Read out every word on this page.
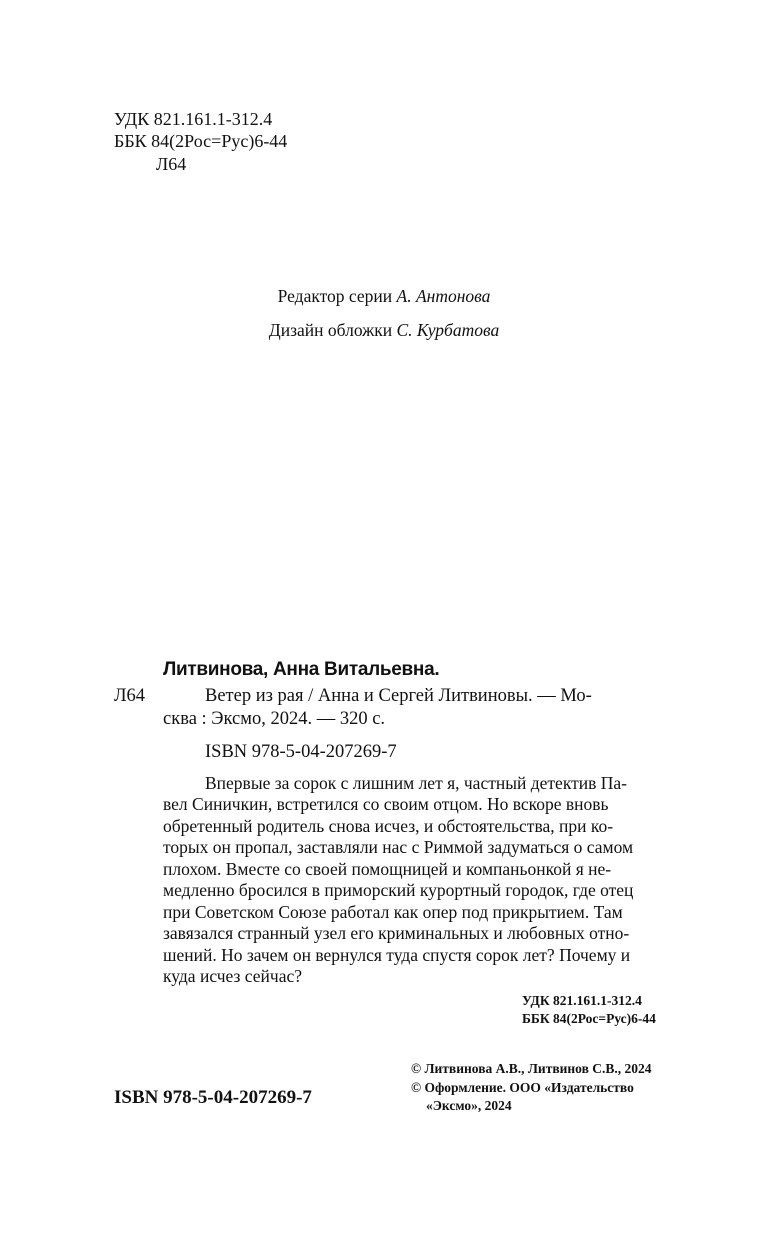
УДК 821.161.1-312.4
ББК 84(2Рос=Рус)6-44
Л64
Редактор серии А. Антонова
Дизайн обложки С. Курбатова
Литвинова, Анна Витальевна.
Л64	Ветер из рая / Анна и Сергей Литвиновы. — Мо-
сква : Эксмо, 2024. — 320 с.
ISBN 978-5-04-207269-7
Впервые за сорок с лишним лет я, частный детектив Па-
вел Синичкин, встретился со своим отцом. Но вскоре вновь
обретенный родитель снова исчез, и обстоятельства, при ко-
торых он пропал, заставляли нас с Риммой задуматься о самом
плохом. Вместе со своей помощницей и компаньонкой я не-
медленно бросился в приморский курортный городок, где отец
при Советском Союзе работал как опер под прикрытием. Там
завязался странный узел его криминальных и любовных отно-
шений. Но зачем он вернулся туда спустя сорок лет? Почему и
куда исчез сейчас?
УДК 821.161.1-312.4
ББК 84(2Рос=Рус)6-44
© Литвинова А.В., Литвинов С.В., 2024
© Оформление. ООО «Издательство
«Эксмо», 2024
ISBN 978-5-04-207269-7
